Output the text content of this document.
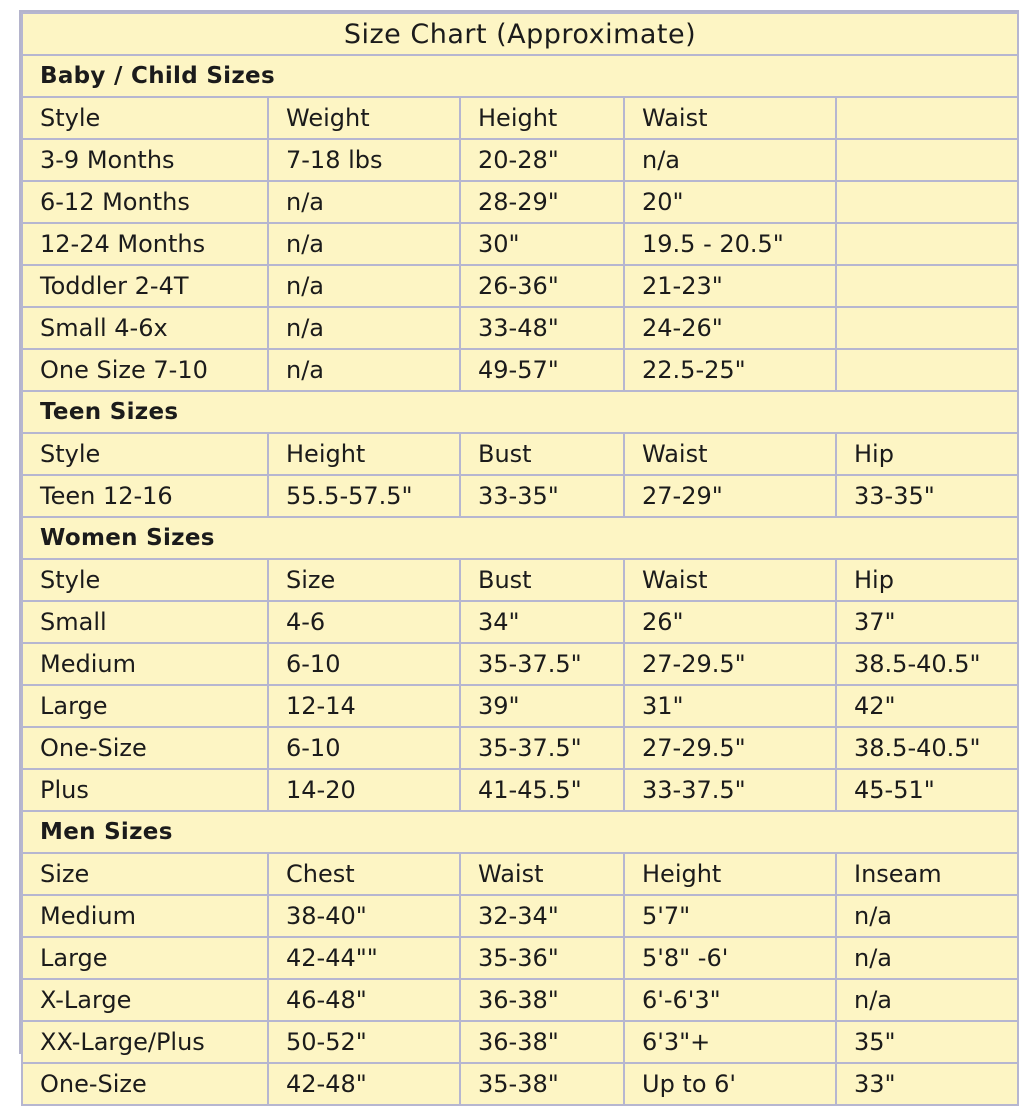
Size Chart (Approximate)				
Baby / Child Sizes				
Style	Weight	Height	Waist	
3-9 Months	7-18 lbs	20-28"	n/a	
6-12 Months	n/a	28-29"	20"	
12-24 Months	n/a	30"	19.5 - 20.5"	
Toddler 2-4T	n/a	26-36"	21-23"	
Small 4-6x	n/a	33-48"	24-26"	
One Size 7-10	n/a	49-57"	22.5-25"	
Teen Sizes				
Style	Height	Bust	Waist	Hip
Teen 12-16	55.5-57.5"	33-35"	27-29"	33-35"
Women Sizes				
Style	Size	Bust	Waist	Hip
Small	4-6	34"	26"	37"
Medium	6-10	35-37.5"	27-29.5"	38.5-40.5"
Large	12-14	39"	31"	42"
One-Size	6-10	35-37.5"	27-29.5"	38.5-40.5"
Plus	14-20	41-45.5"	33-37.5"	45-51"
Men Sizes				
Size	Chest	Waist	Height	Inseam
Medium	38-40"	32-34"	5'7"	n/a
Large	42-44""	35-36"	5'8" -6'	n/a
X-Large	46-48"	36-38"	6'-6'3"	n/a
XX-Large/Plus	50-52"	36-38"	6'3"+	35"
One-Size	42-48"	35-38"	Up to 6'	33"
